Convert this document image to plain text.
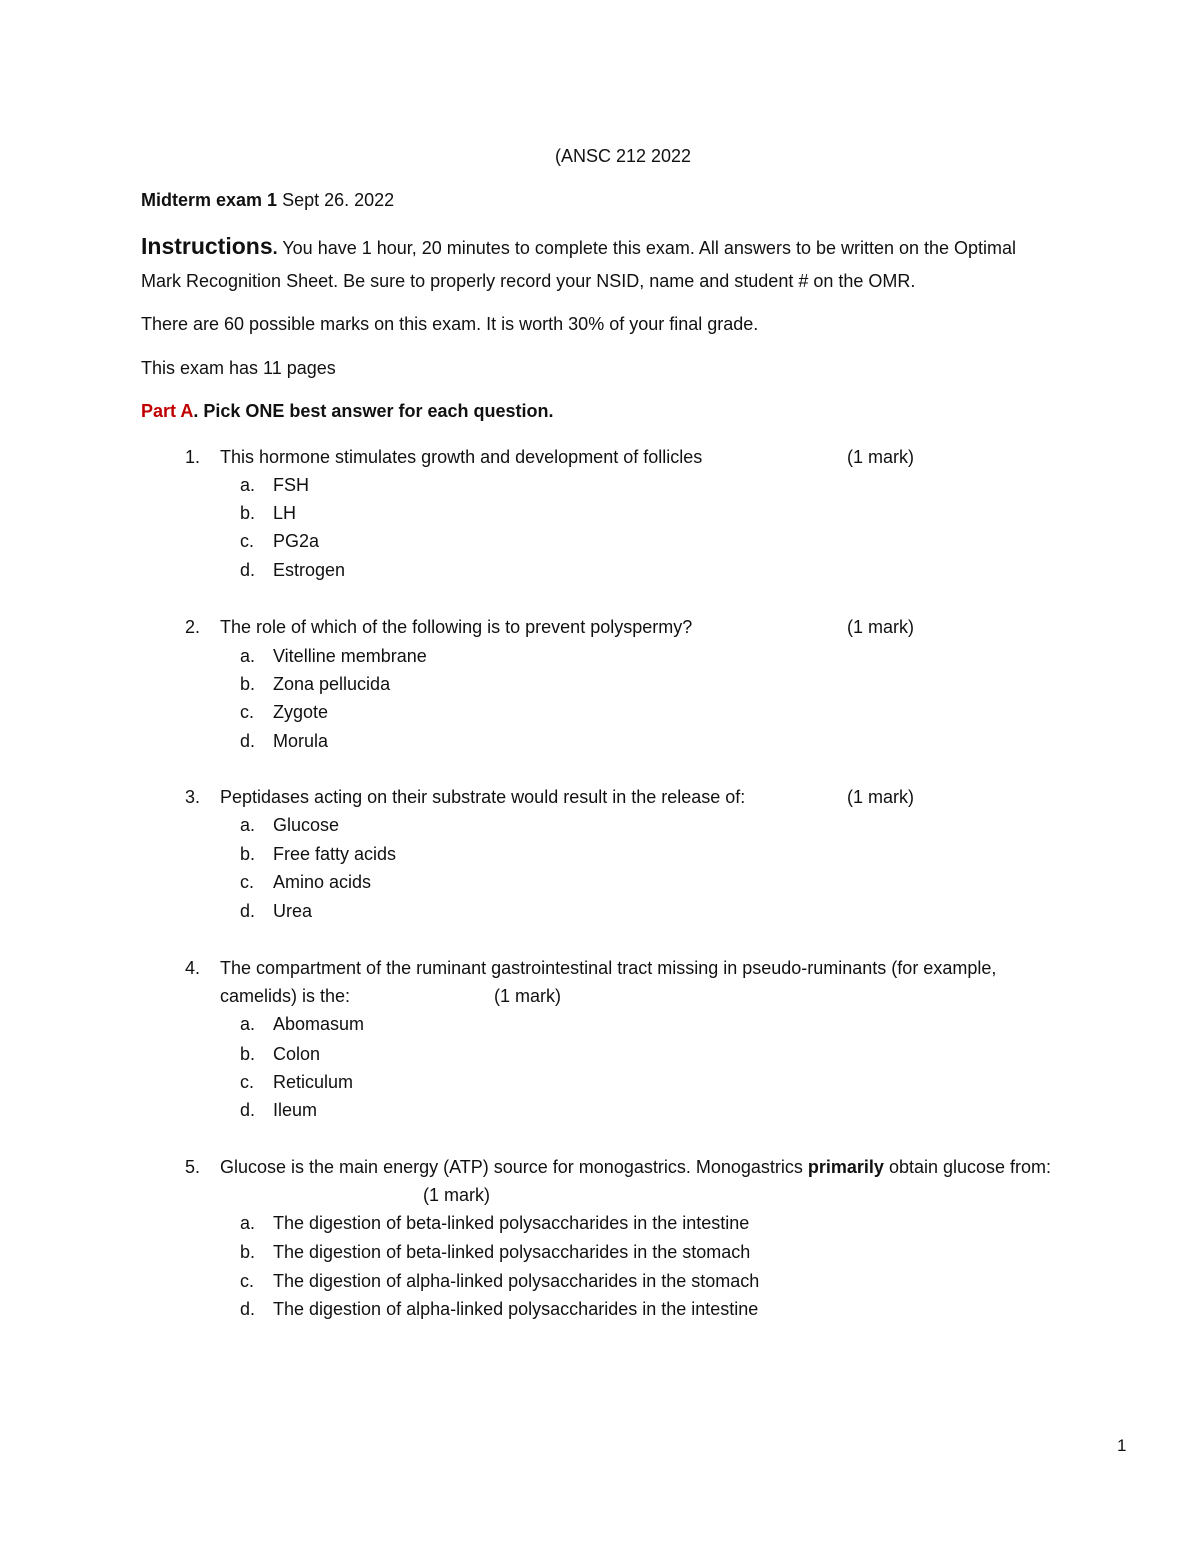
(ANSC 212 2022
Midterm exam 1 Sept 26. 2022
Instructions. You have 1 hour, 20 minutes to complete this exam. All answers to be written on the Optimal
Mark Recognition Sheet. Be sure to properly record your NSID, name and student # on the OMR.
There are 60 possible marks on this exam. It is worth 30% of your final grade.
This exam has 11 pages
Part A. Pick ONE best answer for each question.
1. This hormone stimulates growth and development of follicles	(1 mark)
a. FSH
b. LH
c. PG2a
d. Estrogen
2. The role of which of the following is to prevent polyspermy?	(1 mark)
a. Vitelline membrane
b. Zona pellucida
c. Zygote
d. Morula
3. Peptidases acting on their substrate would result in the release of:	(1 mark)
a. Glucose
b. Free fatty acids
c. Amino acids
d. Urea
4. The compartment of the ruminant gastrointestinal tract missing in pseudo-ruminants (for example,
camelids) is the:	(1 mark)
a. Abomasum
b. Colon
c. Reticulum
d. Ileum
5. Glucose is the main energy (ATP) source for monogastrics. Monogastrics primarily obtain glucose from:
(1 mark)
a. The digestion of beta-linked polysaccharides in the intestine
b. The digestion of beta-linked polysaccharides in the stomach
c. The digestion of alpha-linked polysaccharides in the stomach
d. The digestion of alpha-linked polysaccharides in the intestine
1
